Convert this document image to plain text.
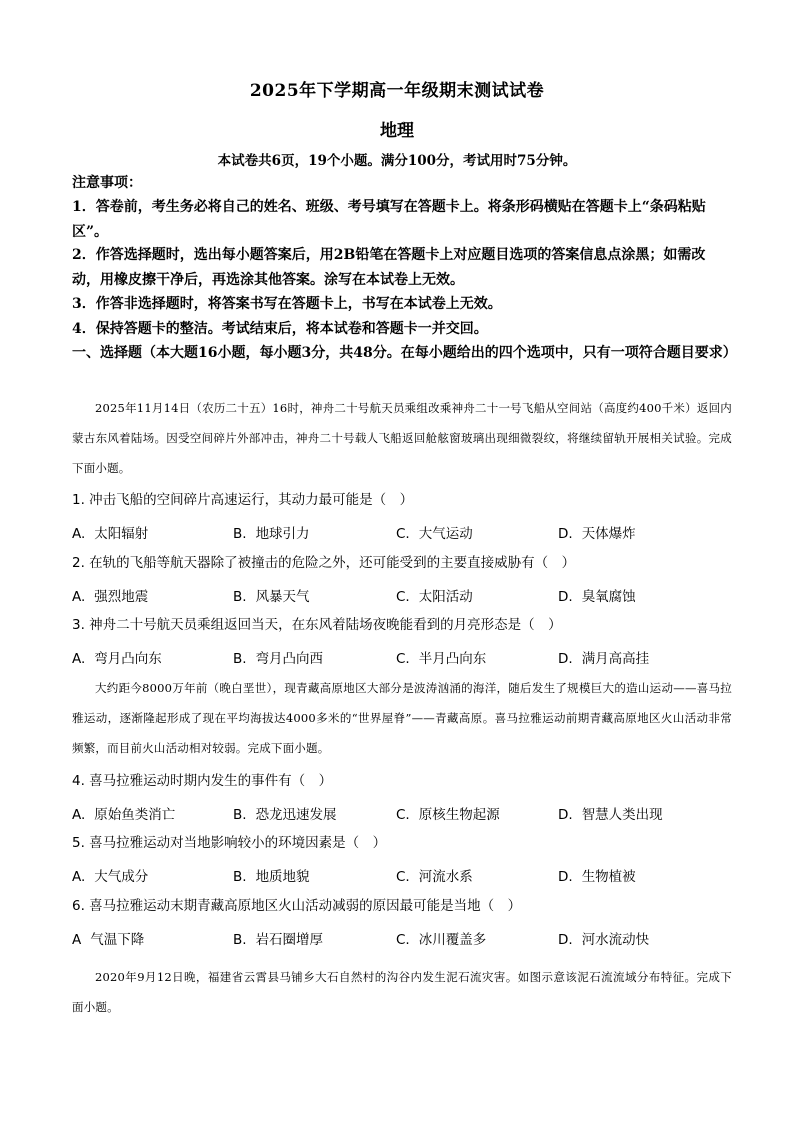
2025年下学期高一年级期末测试试卷
地理
本试卷共6页，19个小题。满分100分，考试用时75分钟。
注意事项：
1．答卷前，考生务必将自己的姓名、班级、考号填写在答题卡上。将条形码横贴在答题卡上“条码粘贴区”。
2．作答选择题时，选出每小题答案后，用2B铅笔在答题卡上对应题目选项的答案信息点涂黑；如需改动，用橡皮擦干净后，再选涂其他答案。涂写在本试卷上无效。
3．作答非选择题时，将答案书写在答题卡上，书写在本试卷上无效。
4．保持答题卡的整洁。考试结束后，将本试卷和答题卡一并交回。
一、选择题（本大题16小题，每小题3分，共48分。在每小题给出的四个选项中，只有一项符合题目要求）
2025年11月14日（农历二十五）16时，神舟二十号航天员乘组改乘神舟二十一号飞船从空间站（高度约400千米）返回内蒙古东风着陆场。因受空间碎片外部冲击，神舟二十号载人飞船返回舱舷窗玻璃出现细微裂纹，将继续留轨开展相关试验。完成下面小题。
1. 冲击飞船的空间碎片高速运行，其动力最可能是（　）
A. 太阳辐射	B. 地球引力	C. 大气运动	D. 天体爆炸
2. 在轨的飞船等航天器除了被撞击的危险之外，还可能受到的主要直接威胁有（　）
A. 强烈地震	B. 风暴天气	C. 太阳活动	D. 臭氧腐蚀
3. 神舟二十号航天员乘组返回当天，在东风着陆场夜晚能看到的月亮形态是（　）
A. 弯月凸向东	B. 弯月凸向西	C. 半月凸向东	D. 满月高高挂
大约距今8000万年前（晚白垩世），现青藏高原地区大部分是波涛汹涌的海洋，随后发生了规模巨大的造山运动——喜马拉雅运动，逐渐隆起形成了现在平均海拔达4000多米的“世界屋脊”——青藏高原。喜马拉雅运动前期青藏高原地区火山活动非常频繁，而目前火山活动相对较弱。完成下面小题。
4. 喜马拉雅运动时期内发生的事件有（　）
A. 原始鱼类消亡	B. 恐龙迅速发展	C. 原核生物起源	D. 智慧人类出现
5. 喜马拉雅运动对当地影响较小的环境因素是（　）
A. 大气成分	B. 地质地貌	C. 河流水系	D. 生物植被
6. 喜马拉雅运动末期青藏高原地区火山活动减弱的原因最可能是当地（　）
A 气温下降	B. 岩石圈增厚	C. 冰川覆盖多	D. 河水流动快
2020年9月12日晚，福建省云霄县马铺乡大石自然村的沟谷内发生泥石流灾害。如图示意该泥石流流域分布特征。完成下面小题。
